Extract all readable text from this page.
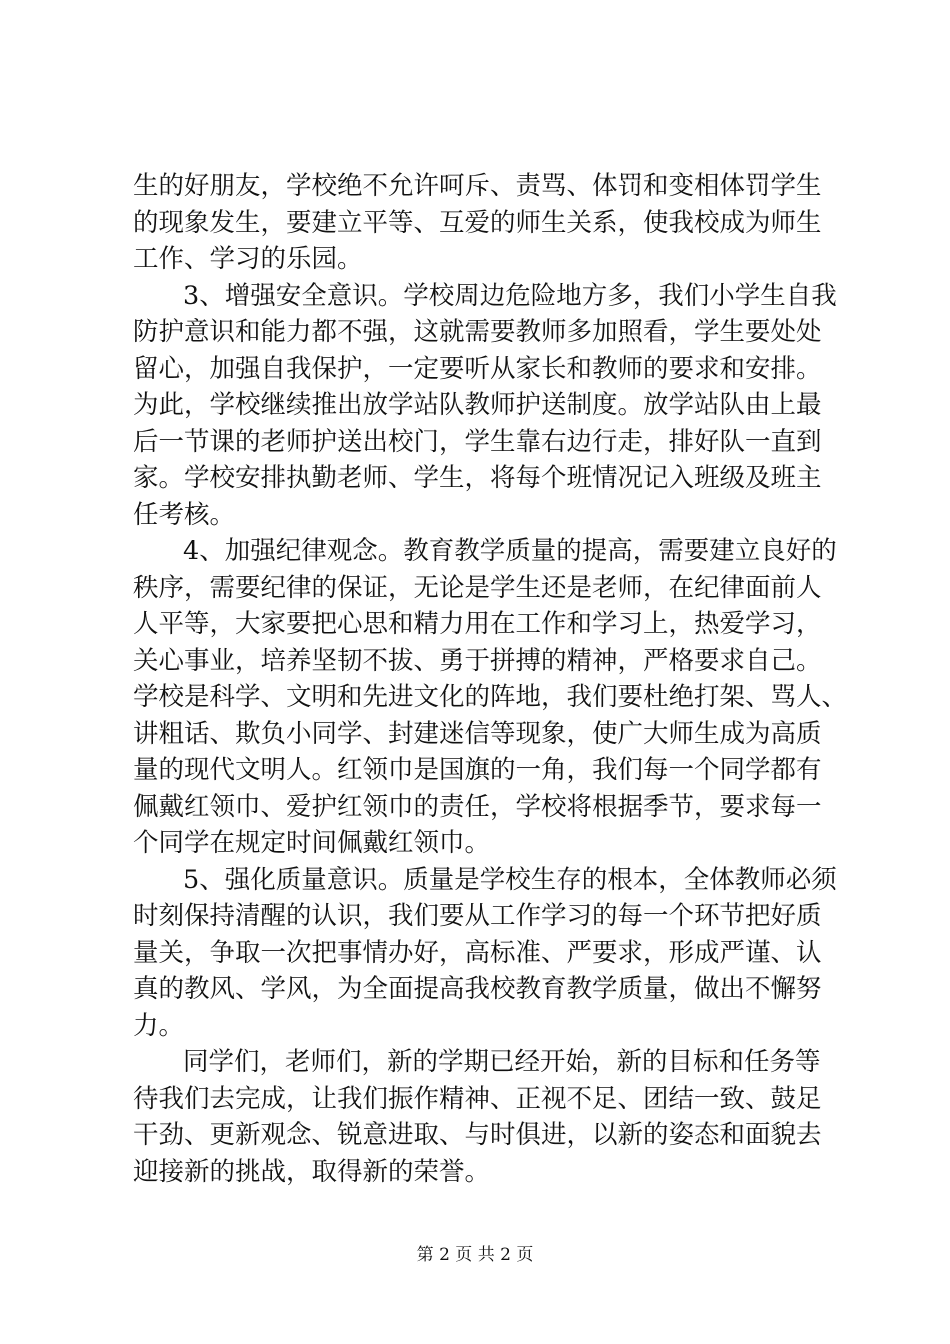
生的好朋友，学校绝不允许呵斥、责骂、体罚和变相体罚学生
的现象发生，要建立平等、互爱的师生关系，使我校成为师生
工作、学习的乐园。
3、增强安全意识。学校周边危险地方多，我们小学生自我
防护意识和能力都不强，这就需要教师多加照看，学生要处处
留心，加强自我保护，一定要听从家长和教师的要求和安排。
为此，学校继续推出放学站队教师护送制度。放学站队由上最
后一节课的老师护送出校门，学生靠右边行走，排好队一直到
家。学校安排执勤老师、学生，将每个班情况记入班级及班主
任考核。
4、加强纪律观念。教育教学质量的提高，需要建立良好的
秩序，需要纪律的保证，无论是学生还是老师，在纪律面前人
人平等，大家要把心思和精力用在工作和学习上，热爱学习，
关心事业，培养坚韧不拔、勇于拼搏的精神，严格要求自己。
学校是科学、文明和先进文化的阵地，我们要杜绝打架、骂人、
讲粗话、欺负小同学、封建迷信等现象，使广大师生成为高质
量的现代文明人。红领巾是国旗的一角，我们每一个同学都有
佩戴红领巾、爱护红领巾的责任，学校将根据季节，要求每一
个同学在规定时间佩戴红领巾。
5、强化质量意识。质量是学校生存的根本，全体教师必须
时刻保持清醒的认识，我们要从工作学习的每一个环节把好质
量关，争取一次把事情办好，高标准、严要求，形成严谨、认
真的教风、学风，为全面提高我校教育教学质量，做出不懈努
力。
同学们，老师们，新的学期已经开始，新的目标和任务等
待我们去完成，让我们振作精神、正视不足、团结一致、鼓足
干劲、更新观念、锐意进取、与时俱进，以新的姿态和面貌去
迎接新的挑战，取得新的荣誉。
第 2 页 共 2 页
